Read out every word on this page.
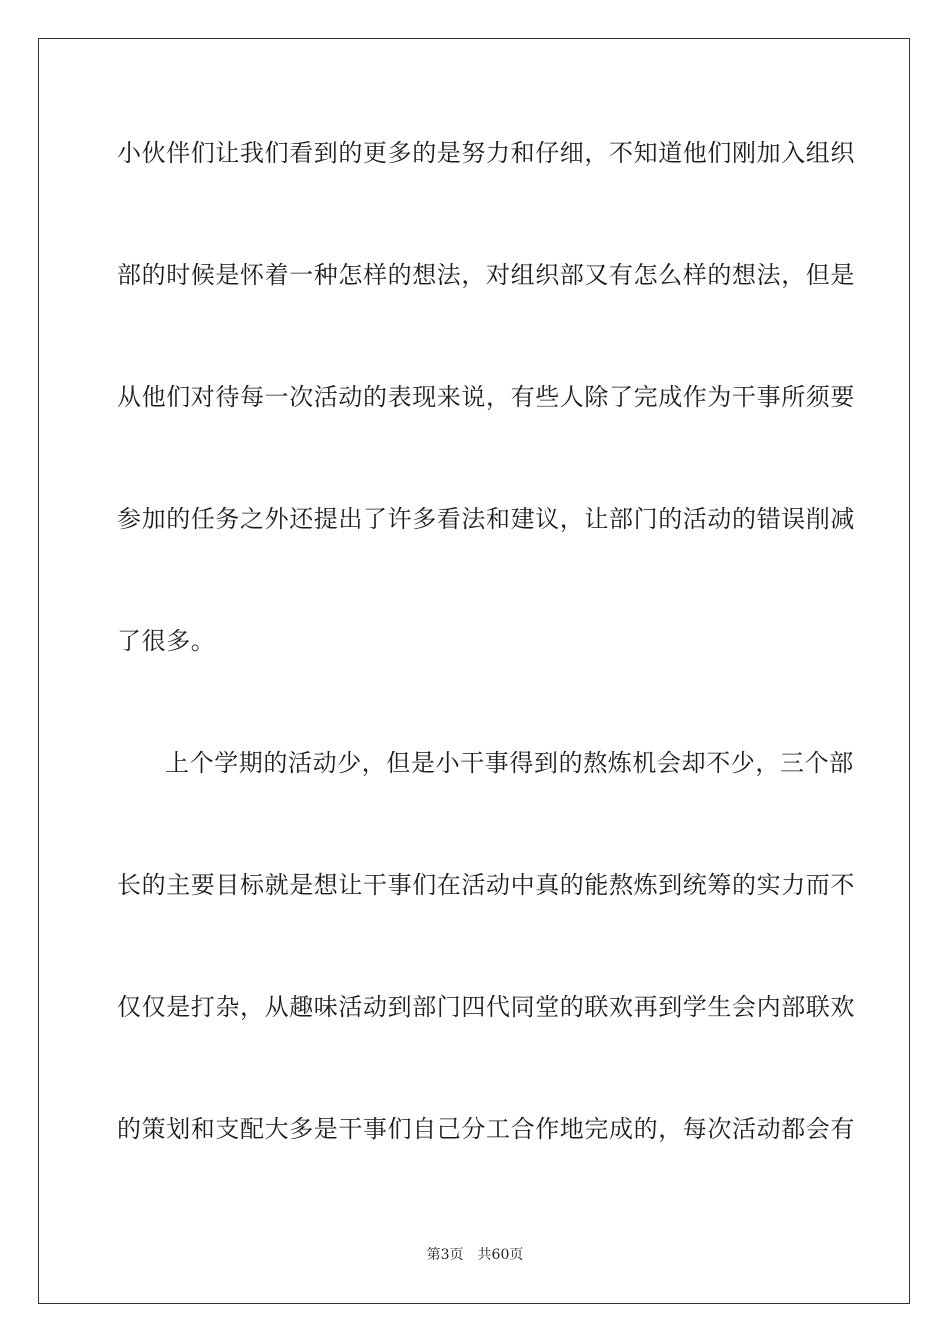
小伙伴们让我们看到的更多的是努力和仔细，不知道他们刚加入组织
部的时候是怀着一种怎样的想法，对组织部又有怎么样的想法，但是
从他们对待每一次活动的表现来说，有些人除了完成作为干事所须要
参加的任务之外还提出了许多看法和建议，让部门的活动的错误削减
了很多。
上个学期的活动少，但是小干事得到的熬炼机会却不少，三个部
长的主要目标就是想让干事们在活动中真的能熬炼到统筹的实力而不
仅仅是打杂，从趣味活动到部门四代同堂的联欢再到学生会内部联欢
的策划和支配大多是干事们自己分工合作地完成的，每次活动都会有
第3页 共60页
